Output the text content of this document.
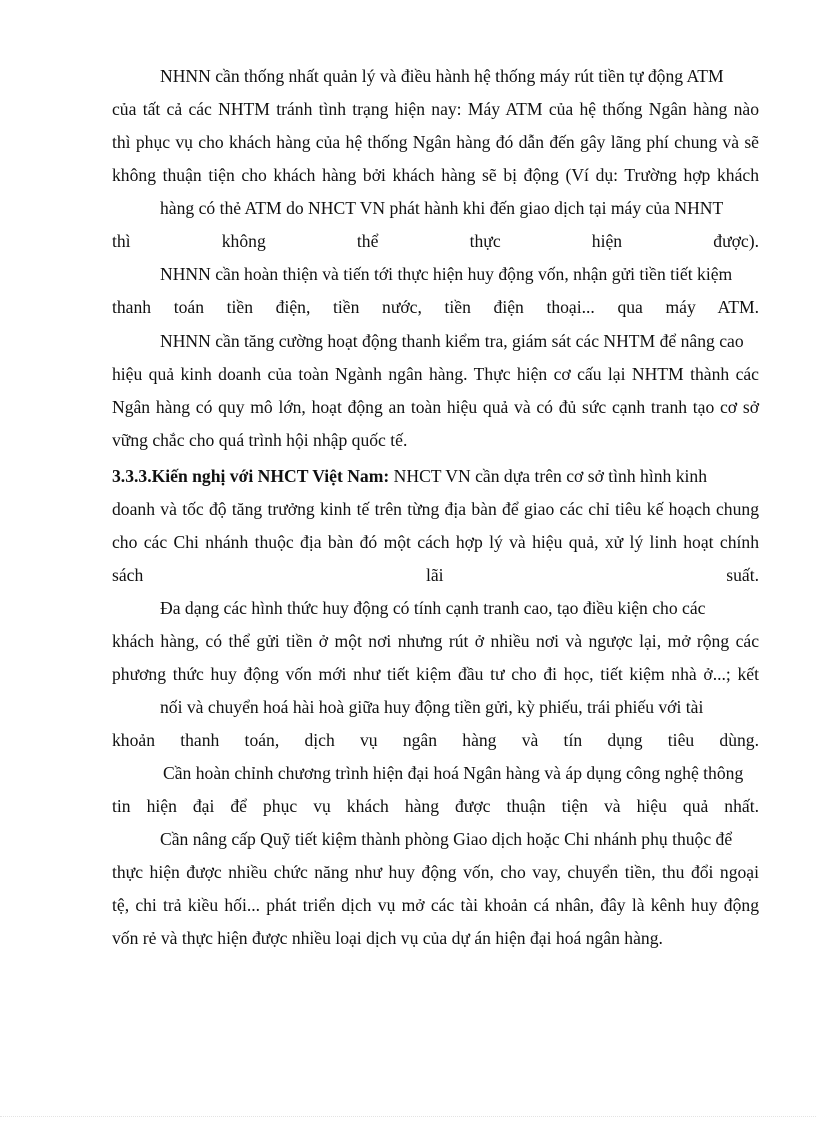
NHNN cần thống nhất quản lý và điều hành hệ thống máy rút tiền tự động ATM
của tất cả các NHTM tránh tình trạng hiện nay: Máy ATM của hệ thống Ngân hàng nào
thì phục vụ cho khách hàng của hệ thống Ngân hàng đó dẫn đến gây lãng phí chung và sẽ
không thuận tiện cho khách hàng bởi khách hàng sẽ bị động (Ví dụ: Trường hợp khách
hàng có thẻ ATM do NHCT VN phát hành khi đến giao dịch tại máy của NHNT
thì không thể thực hiện được).
NHNN cần hoàn thiện và tiến tới thực hiện huy động vốn, nhận gửi tiền tiết kiệm
thanh toán tiền điện, tiền nước, tiền điện thoại... qua máy ATM.
NHNN cần tăng cường hoạt động thanh kiểm tra, giám sát các NHTM để nâng cao
hiệu quả kinh doanh của toàn Ngành ngân hàng. Thực hiện cơ cấu lại NHTM thành các
Ngân hàng có quy mô lớn, hoạt động an toàn hiệu quả và có đủ sức cạnh tranh tạo cơ sở
vững chắc cho quá trình hội nhập quốc tế.
3.3.3.Kiến nghị với NHCT Việt Nam: NHCT VN cần dựa trên cơ sở tình hình kinh
doanh và tốc độ tăng trưởng kinh tế trên từng địa bàn để giao các chỉ tiêu kế hoạch chung
cho các Chi nhánh thuộc địa bàn đó một cách hợp lý và hiệu quả, xử lý linh hoạt chính
sách lãi suất.
Đa dạng các hình thức huy động có tính cạnh tranh cao, tạo điều kiện cho các
khách hàng, có thể gửi tiền ở một nơi nhưng rút ở nhiều nơi và ngược lại, mở rộng các
phương thức huy động vốn mới như tiết kiệm đầu tư cho đi học, tiết kiệm nhà ở...; kết
nối và chuyển hoá hài hoà giữa huy động tiền gửi, kỳ phiếu, trái phiếu với tài
khoản thanh toán, dịch vụ ngân hàng và tín dụng tiêu dùng.
Cần hoàn chỉnh chương trình hiện đại hoá Ngân hàng và áp dụng công nghệ thông
tin hiện đại để phục vụ khách hàng được thuận tiện và hiệu quả nhất.
Cần nâng cấp Quỹ tiết kiệm thành phòng Giao dịch hoặc Chi nhánh phụ thuộc để
thực hiện được nhiều chức năng như huy động vốn, cho vay, chuyển tiền, thu đổi ngoại
tệ, chi trả kiều hối... phát triển dịch vụ mở các tài khoản cá nhân, đây là kênh huy động
vốn rẻ và thực hiện được nhiều loại dịch vụ của dự án hiện đại hoá ngân hàng.
